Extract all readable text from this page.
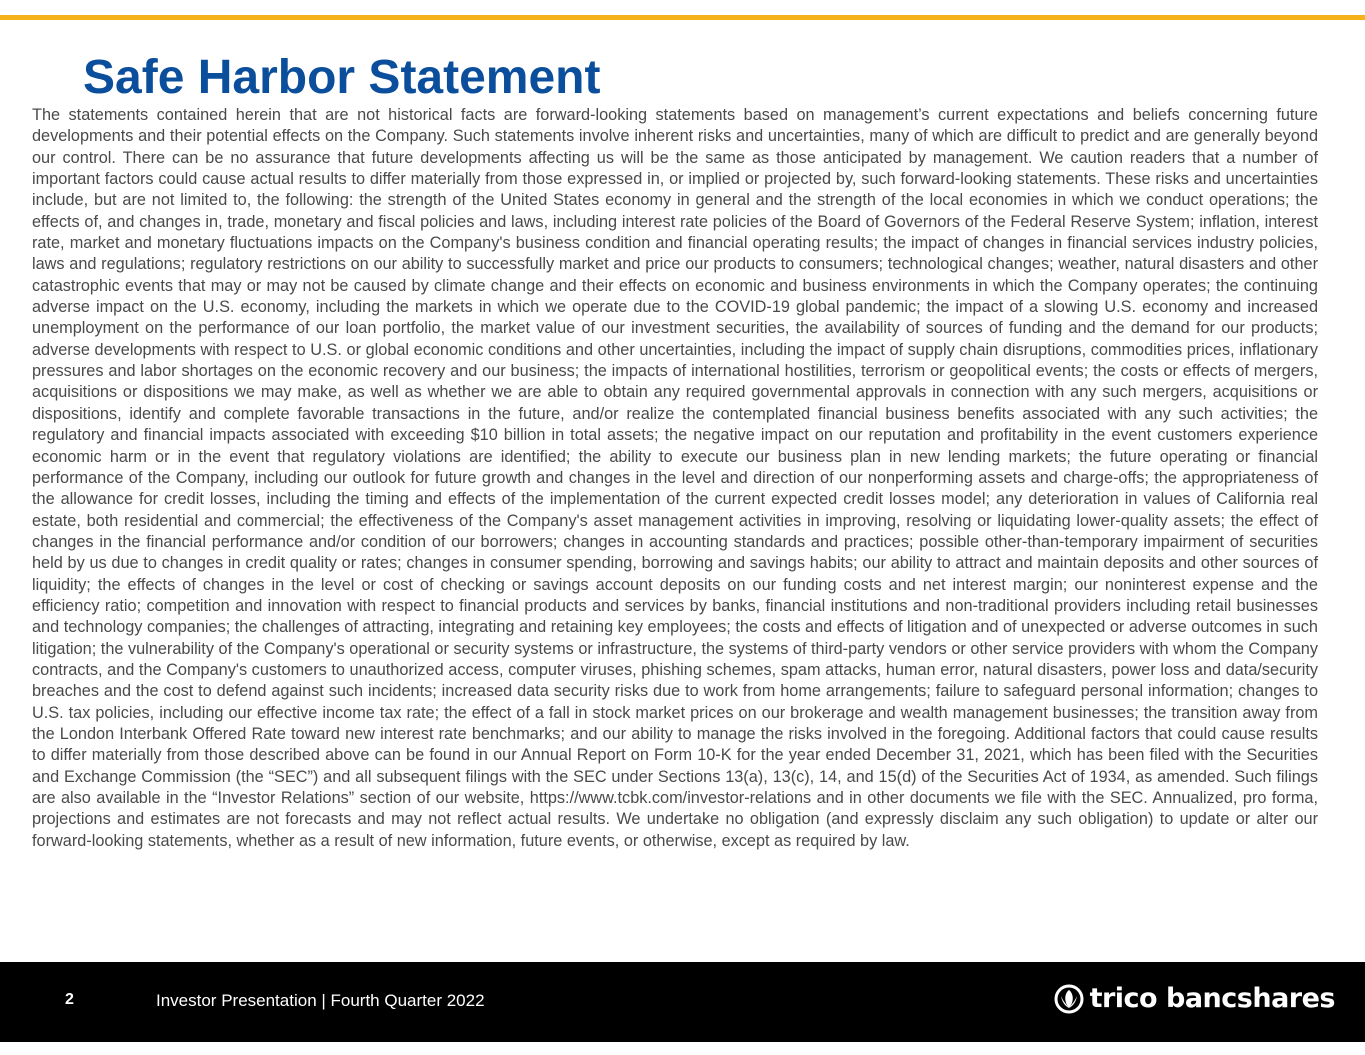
Safe Harbor Statement

The statements contained herein that are not historical facts are forward-looking statements based on management’s current expectations and beliefs concerning future developments and their potential effects on the Company. Such statements involve inherent risks and uncertainties, many of which are difficult to predict and are generally beyond our control. There can be no assurance that future developments affecting us will be the same as those anticipated by management. We caution readers that a number of important factors could cause actual results to differ materially from those expressed in, or implied or projected by, such forward-looking statements. These risks and uncertainties include, but are not limited to, the following: the strength of the United States economy in general and the strength of the local economies in which we conduct operations; the effects of, and changes in, trade, monetary and fiscal policies and laws, including interest rate policies of the Board of Governors of the Federal Reserve System; inflation, interest rate, market and monetary fluctuations impacts on the Company's business condition and financial operating results; the impact of changes in financial services industry policies, laws and regulations; regulatory restrictions on our ability to successfully market and price our products to consumers; technological changes; weather, natural disasters and other catastrophic events that may or may not be caused by climate change and their effects on economic and business environments in which the Company operates; the continuing adverse impact on the U.S. economy, including the markets in which we operate due to the COVID-19 global pandemic; the impact of a slowing U.S. economy and increased unemployment on the performance of our loan portfolio, the market value of our investment securities, the availability of sources of funding and the demand for our products; adverse developments with respect to U.S. or global economic conditions and other uncertainties, including the impact of supply chain disruptions, commodities prices, inflationary pressures and labor shortages on the economic recovery and our business; the impacts of international hostilities, terrorism or geopolitical events; the costs or effects of mergers, acquisitions or dispositions we may make, as well as whether we are able to obtain any required governmental approvals in connection with any such mergers, acquisitions or dispositions, identify and complete favorable transactions in the future, and/or realize the contemplated financial business benefits associated with any such activities; the regulatory and financial impacts associated with exceeding $10 billion in total assets; the negative impact on our reputation and profitability in the event customers experience economic harm or in the event that regulatory violations are identified; the ability to execute our business plan in new lending markets; the future operating or financial performance of the Company, including our outlook for future growth and changes in the level and direction of our nonperforming assets and charge-offs; the appropriateness of the allowance for credit losses, including the timing and effects of the implementation of the current expected credit losses model; any deterioration in values of California real estate, both residential and commercial; the effectiveness of the Company's asset management activities in improving, resolving or liquidating lower-quality assets; the effect of changes in the financial performance and/or condition of our borrowers; changes in accounting standards and practices; possible other-than-temporary impairment of securities held by us due to changes in credit quality or rates; changes in consumer spending, borrowing and savings habits; our ability to attract and maintain deposits and other sources of liquidity; the effects of changes in the level or cost of checking or savings account deposits on our funding costs and net interest margin; our noninterest expense and the efficiency ratio; competition and innovation with respect to financial products and services by banks, financial institutions and non-traditional providers including retail businesses and technology companies; the challenges of attracting, integrating and retaining key employees; the costs and effects of litigation and of unexpected or adverse outcomes in such litigation; the vulnerability of the Company's operational or security systems or infrastructure, the systems of third-party vendors or other service providers with whom the Company contracts, and the Company's customers to unauthorized access, computer viruses, phishing schemes, spam attacks, human error, natural disasters, power loss and data/security breaches and the cost to defend against such incidents; increased data security risks due to work from home arrangements; failure to safeguard personal information; changes to U.S. tax policies, including our effective income tax rate; the effect of a fall in stock market prices on our brokerage and wealth management businesses; the transition away from the London Interbank Offered Rate toward new interest rate benchmarks; and our ability to manage the risks involved in the foregoing. Additional factors that could cause results to differ materially from those described above can be found in our Annual Report on Form 10-K for the year ended December 31, 2021, which has been filed with the Securities and Exchange Commission (the “SEC”) and all subsequent filings with the SEC under Sections 13(a), 13(c), 14, and 15(d) of the Securities Act of 1934, as amended. Such filings are also available in the “Investor Relations” section of our website, https://www.tcbk.com/investor-relations and in other documents we file with the SEC. Annualized, pro forma, projections and estimates are not forecasts and may not reflect actual results. We undertake no obligation (and expressly disclaim any such obligation) to update or alter our forward-looking statements, whether as a result of new information, future events, or otherwise, except as required by law.

2	Investor Presentation | Fourth Quarter 2022	trico bancshares
